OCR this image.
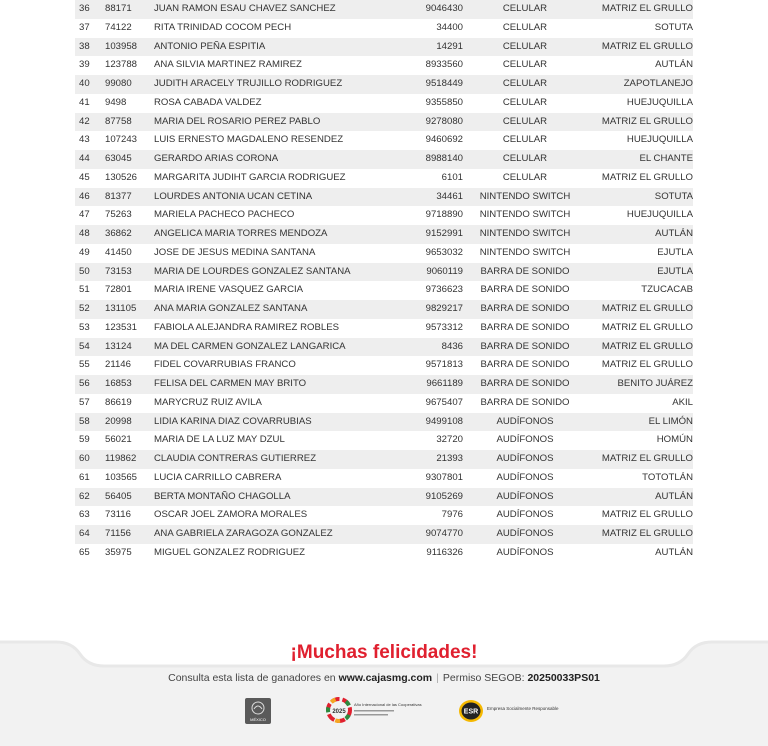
36 88171 JUAN RAMON ESAU CHAVEZ SANCHEZ	9046430	CELULAR	MATRIZ EL GRULLO
37 74122 RITA TRINIDAD COCOM PECH	34400	CELULAR	SOTUTA
38 103958 ANTONIO PEÑA ESPITIA	14291	CELULAR	MATRIZ EL GRULLO
39 123788 ANA SILVIA MARTINEZ RAMIREZ	8933560	CELULAR	AUTLÁN
40 99080 JUDITH ARACELY TRUJILLO RODRIGUEZ	9518449	CELULAR	ZAPOTLANEJO
41 9498	ROSA CABADA VALDEZ	9355850	CELULAR	HUEJUQUILLA
42 87758 MARIA DEL ROSARIO PEREZ PABLO	9278080	CELULAR	MATRIZ EL GRULLO
43 107243 LUIS ERNESTO MAGDALENO RESENDEZ	9460692	CELULAR	HUEJUQUILLA
44 63045 GERARDO ARIAS CORONA	8988140	CELULAR	EL CHANTE
45 130526 MARGARITA JUDIHT GARCIA RODRIGUEZ	6101	CELULAR	MATRIZ EL GRULLO
46 81377 LOURDES ANTONIA UCAN CETINA	34461 NINTENDO SWITCH	SOTUTA
47 75263 MARIELA PACHECO PACHECO	9718890 NINTENDO SWITCH	HUEJUQUILLA
48 36862 ANGELICA MARIA TORRES MENDOZA	9152991 NINTENDO SWITCH	AUTLÁN
49 41450 JOSE DE JESUS MEDINA SANTANA	9653032 NINTENDO SWITCH	EJUTLA
50 73153 MARIA DE LOURDES GONZALEZ SANTANA	9060119 BARRA DE SONIDO	EJUTLA
51 72801 MARIA IRENE VASQUEZ GARCIA	9736623 BARRA DE SONIDO	TZUCACAB
52 131105 ANA MARIA GONZALEZ SANTANA	9829217 BARRA DE SONIDO	MATRIZ EL GRULLO
53 123531 FABIOLA ALEJANDRA RAMIREZ ROBLES	9573312 BARRA DE SONIDO	MATRIZ EL GRULLO
54 13124 MA DEL CARMEN GONZALEZ LANGARICA	8436 BARRA DE SONIDO	MATRIZ EL GRULLO
55 21146 FIDEL COVARRUBIAS FRANCO	9571813 BARRA DE SONIDO	MATRIZ EL GRULLO
56 16853 FELISA DEL CARMEN MAY BRITO	9661189 BARRA DE SONIDO	BENITO JUÁREZ
57 86619 MARYCRUZ RUIZ AVILA	9675407 BARRA DE SONIDO	AKIL
58 20998 LIDIA KARINA DIAZ COVARRUBIAS	9499108	AUDÍFONOS	EL LIMÓN
59 56021 MARIA DE LA LUZ MAY DZUL	32720	AUDÍFONOS	HOMÚN
60 119862 CLAUDIA CONTRERAS GUTIERREZ	21393	AUDÍFONOS	MATRIZ EL GRULLO
61 103565 LUCIA CARRILLO CABRERA	9307801	AUDÍFONOS	TOTOTLÁN
62 56405 BERTA MONTAÑO CHAGOLLA	9105269	AUDÍFONOS	AUTLÁN
63 73116 OSCAR JOEL ZAMORA MORALES	7976	AUDÍFONOS	MATRIZ EL GRULLO
64 71156 ANA GABRIELA ZARAGOZA GONZALEZ	9074770	AUDÍFONOS	MATRIZ EL GRULLO
65 35975 MIGUEL GONZALEZ RODRIGUEZ	9116326	AUDÍFONOS	AUTLÁN
¡Muchas felicidades!
Consulta esta lista de ganadores en www.cajasmg.com | Permiso SEGOB: 20250033PS01
MÉXICO
2025
Año Internacional de las Cooperativas
ESR Empresa Socialmente Responsable
